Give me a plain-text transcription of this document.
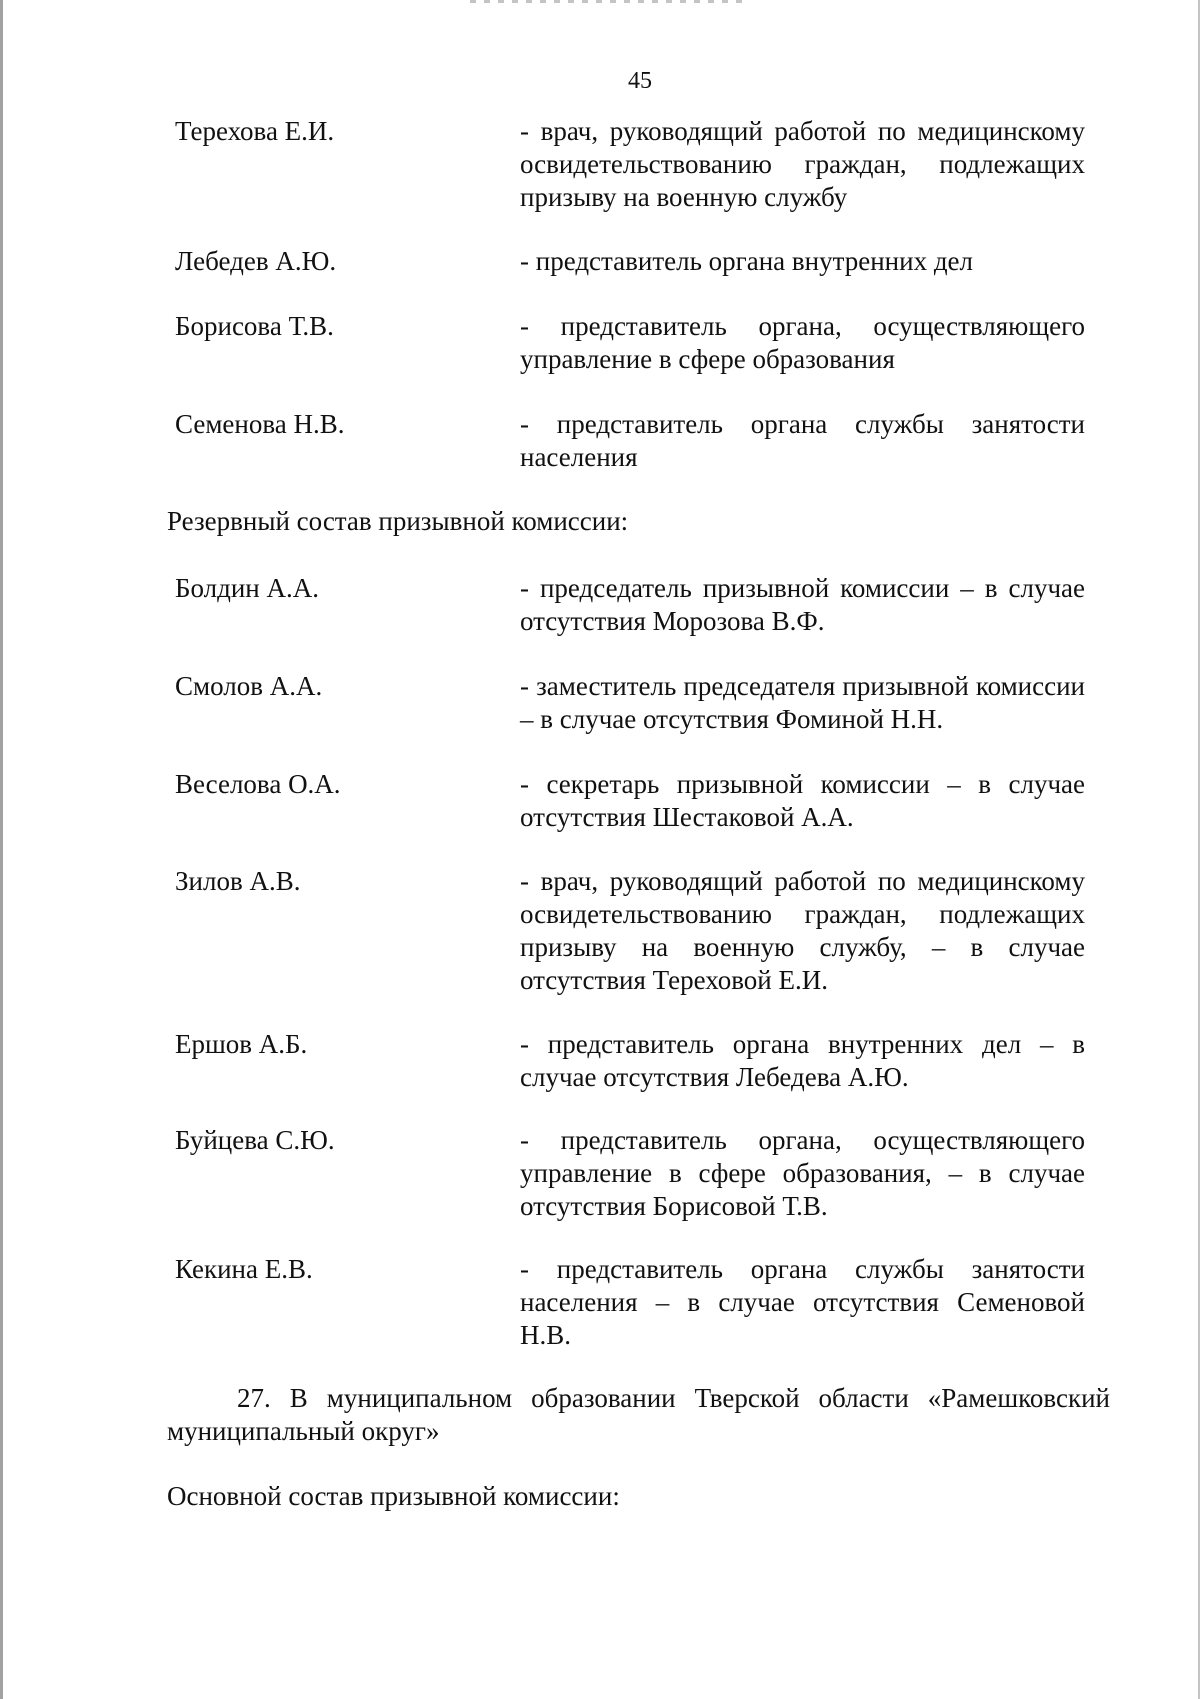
45
Терехова Е.И.	- врач, руководящий работой по медицинскому освидетельствованию граждан, подлежащих призыву на военную службу
Лебедев А.Ю.	- представитель органа внутренних дел
Борисова Т.В.	- представитель органа, осуществляющего управление в сфере образования
Семенова Н.В.	- представитель органа службы занятости населения
Резервный состав призывной комиссии:
Болдин А.А.	- председатель призывной комиссии – в случае отсутствия Морозова В.Ф.
Смолов А.А.	- заместитель председателя призывной комиссии – в случае отсутствия Фоминой Н.Н.
Веселова О.А.	- секретарь призывной комиссии – в случае отсутствия Шестаковой А.А.
Зилов А.В.	- врач, руководящий работой по медицинскому освидетельствованию граждан, подлежащих призыву на военную службу, – в случае отсутствия Тереховой Е.И.
Ершов А.Б.	- представитель органа внутренних дел – в случае отсутствия Лебедева А.Ю.
Буйцева С.Ю.	- представитель органа, осуществляющего управление в сфере образования, – в случае отсутствия Борисовой Т.В.
Кекина Е.В.	- представитель органа службы занятости населения – в случае отсутствия Семеновой Н.В.
27. В муниципальном образовании Тверской области «Рамешковский муниципальный округ»
Основной состав призывной комиссии:
